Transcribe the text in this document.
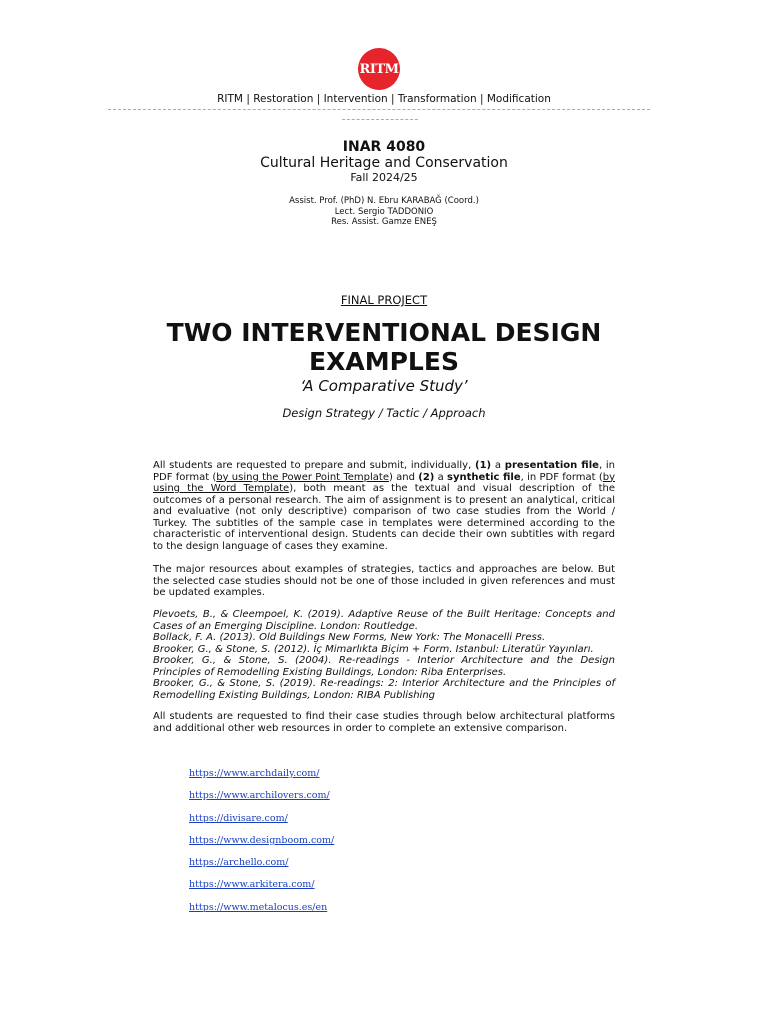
RITM
RITM | Restoration | Intervention | Transformation | Modification
INAR 4080
Cultural Heritage and Conservation
Fall 2024/25
Assist. Prof. (PhD) N. Ebru KARABAĞ (Coord.)
Lect. Sergio TADDONIO
Res. Assist. Gamze ENEŞ
FINAL PROJECT
TWO INTERVENTIONAL DESIGN
EXAMPLES
‘A Comparative Study’
Design Strategy / Tactic / Approach
All students are requested to prepare and submit, individually, (1) a presentation file, in PDF format (by using the Power Point Template) and (2) a synthetic file, in PDF format (by using the Word Template), both meant as the textual and visual description of the outcomes of a personal research. The aim of assignment is to present an analytical, critical and evaluative (not only descriptive) comparison of two case studies from the World / Turkey. The subtitles of the sample case in templates were determined according to the characteristic of interventional design. Students can decide their own subtitles with regard to the design language of cases they examine.
The major resources about examples of strategies, tactics and approaches are below. But the selected case studies should not be one of those included in given references and must be updated examples.
Plevoets, B., & Cleempoel, K. (2019). Adaptive Reuse of the Built Heritage: Concepts and Cases of an Emerging Discipline. London: Routledge.
Bollack, F. A. (2013). Old Buildings New Forms, New York: The Monacelli Press.
Brooker, G., & Stone, S. (2012). İç Mimarlıkta Biçim + Form. Istanbul: Literatür Yayınları.
Brooker, G., & Stone, S. (2004). Re-readings - Interior Architecture and the Design Principles of Remodelling Existing Buildings, London: Riba Enterprises.
Brooker, G., & Stone, S. (2019). Re-readings: 2: Interior Architecture and the Principles of Remodelling Existing Buildings, London: RIBA Publishing
All students are requested to find their case studies through below architectural platforms and additional other web resources in order to complete an extensive comparison.
https://www.archdaily.com/
https://www.archilovers.com/
https://divisare.com/
https://www.designboom.com/
https://archello.com/
https://www.arkitera.com/
https://www.metalocus.es/en
